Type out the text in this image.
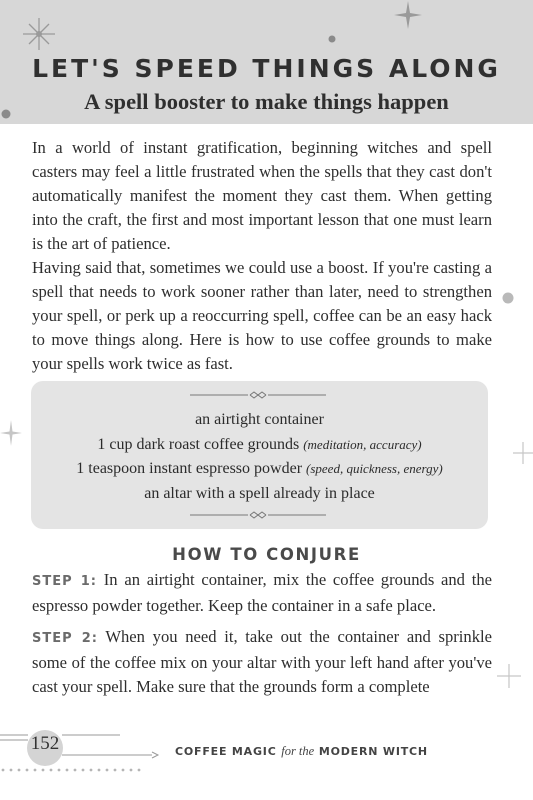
LET'S SPEED THINGS ALONG
A spell booster to make things happen

In a world of instant gratification, beginning witches and spell casters may feel a little frustrated when the spells that they cast don't automatically manifest the moment they cast them. When getting into the craft, the first and most important lesson that one must learn is the art of patience.

Having said that, sometimes we could use a boost. If you're casting a spell that needs to work sooner rather than later, need to strengthen your spell, or perk up a reoccurring spell, coffee can be an easy hack to move things along. Here is how to use coffee grounds to make your spells work twice as fast.

an airtight container
1 cup dark roast coffee grounds (meditation, accuracy)
1 teaspoon instant espresso powder (speed, quickness, energy)
an altar with a spell already in place
HOW TO CONJURE

STEP 1: In an airtight container, mix the coffee grounds and the espresso powder together. Keep the container in a safe place.

STEP 2: When you need it, take out the container and sprinkle some of the coffee mix on your altar with your left hand after you've cast your spell. Make sure that the grounds form a complete

152	COFFEE MAGIC for the MODERN WITCH
